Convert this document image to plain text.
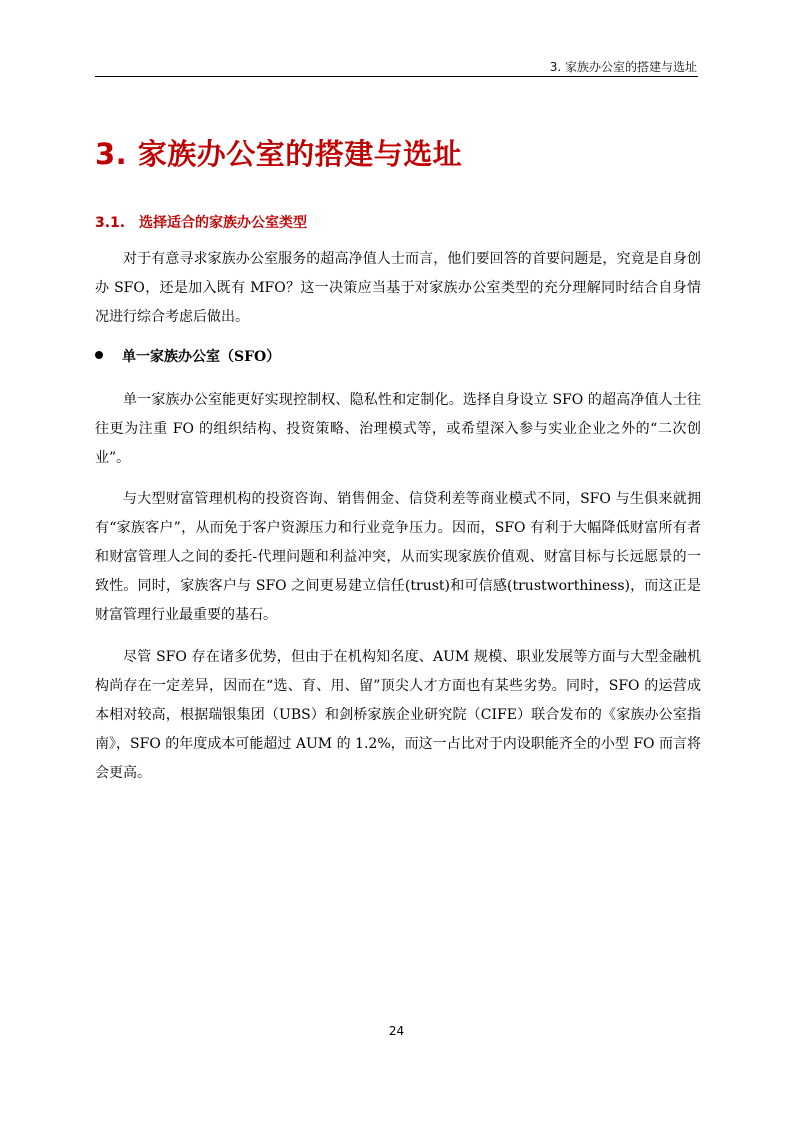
3. 家族办公室的搭建与选址
3. 家族办公室的搭建与选址
3.1. 选择适合的家族办公室类型

对于有意寻求家族办公室服务的超高净值人士而言，他们要回答的首要问题是，究竟是自身创办 SFO，还是加入既有 MFO？这一决策应当基于对家族办公室类型的充分理解同时结合自身情况进行综合考虑后做出。

单一家族办公室（SFO）

单一家族办公室能更好实现控制权、隐私性和定制化。选择自身设立 SFO 的超高净值人士往往更为注重 FO 的组织结构、投资策略、治理模式等，或希望深入参与实业企业之外的“二次创业”。

与大型财富管理机构的投资咨询、销售佣金、信贷利差等商业模式不同，SFO 与生俱来就拥有“家族客户”，从而免于客户资源压力和行业竞争压力。因而，SFO 有利于大幅降低财富所有者和财富管理人之间的委托-代理问题和利益冲突，从而实现家族价值观、财富目标与长远愿景的一致性。同时，家族客户与 SFO 之间更易建立信任(trust)和可信感(trustworthiness)，而这正是财富管理行业最重要的基石。

尽管 SFO 存在诸多优势，但由于在机构知名度、AUM 规模、职业发展等方面与大型金融机构尚存在一定差异，因而在“选、育、用、留”顶尖人才方面也有某些劣势。同时，SFO 的运营成本相对较高，根据瑞银集团（UBS）和剑桥家族企业研究院（CIFE）联合发布的《家族办公室指南》，SFO 的年度成本可能超过 AUM 的 1.2%，而这一占比对于内设职能齐全的小型 FO 而言将会更高。

24
